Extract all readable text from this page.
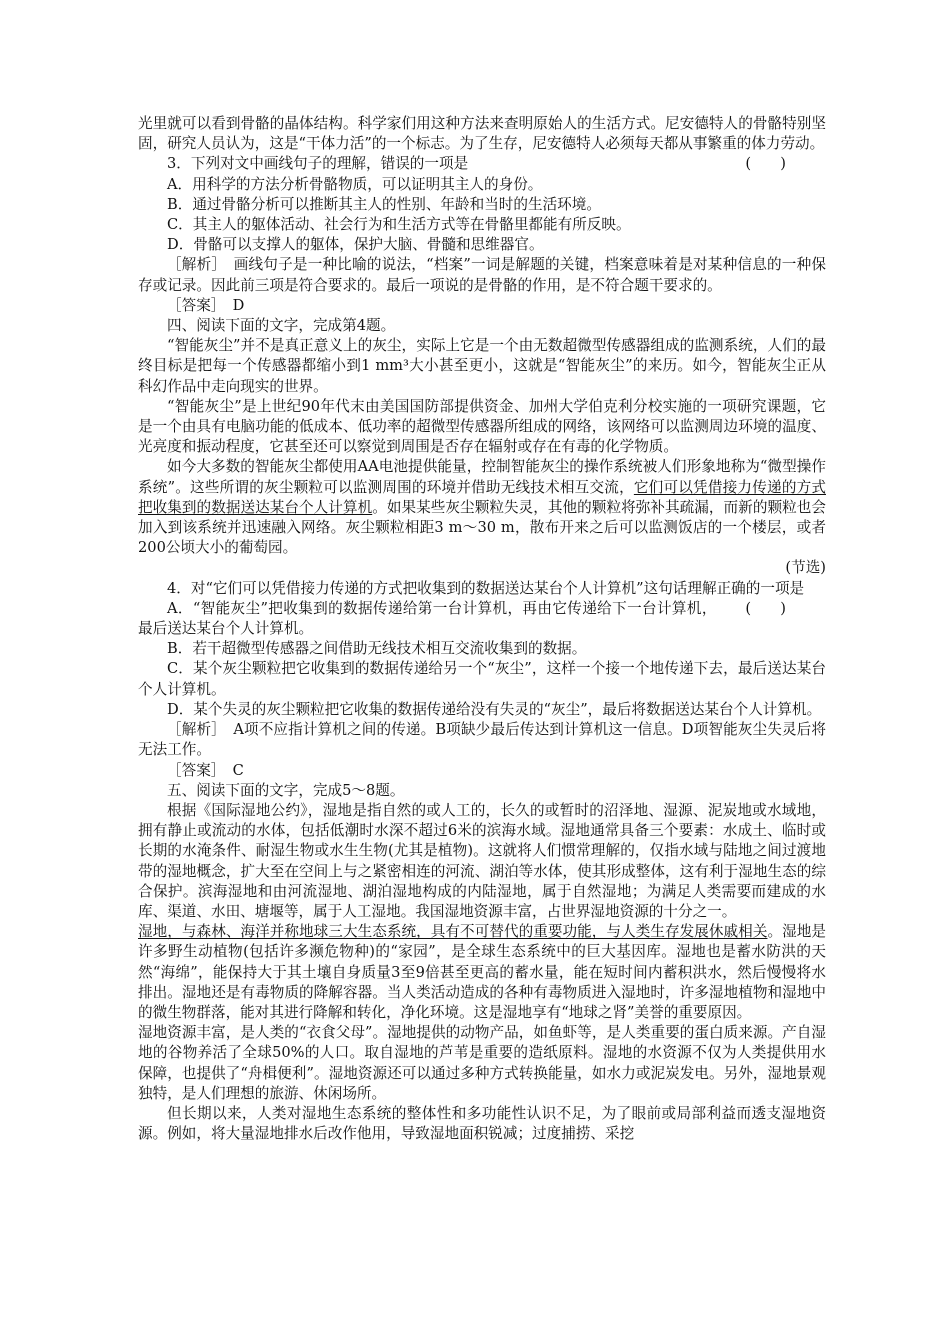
光里就可以看到骨骼的晶体结构。科学家们用这种方法来查明原始人的生活方式。尼安德特人的骨骼特别坚固，研究人员认为，这是“干体力活”的一个标志。为了生存，尼安德特人必须每天都从事繁重的体力劳动。

3．下列对文中画线句子的理解，错误的一项是	(　　)

A．用科学的方法分析骨骼物质，可以证明其主人的身份。

B．通过骨骼分析可以推断其主人的性别、年龄和当时的生活环境。

C．其主人的躯体活动、社会行为和生活方式等在骨骼里都能有所反映。

D．骨骼可以支撑人的躯体，保护大脑、骨髓和思维器官。

［解析］　画线句子是一种比喻的说法，“档案”一词是解题的关键，档案意味着是对某种信息的一种保存或记录。因此前三项是符合要求的。最后一项说的是骨骼的作用，是不符合题干要求的。

［答案］　D

四、阅读下面的文字，完成第4题。

“智能灰尘”并不是真正意义上的灰尘，实际上它是一个由无数超微型传感器组成的监测系统，人们的最终目标是把每一个传感器都缩小到1 mm³大小甚至更小，这就是“智能灰尘”的来历。如今，智能灰尘正从科幻作品中走向现实的世界。

“智能灰尘”是上世纪90年代末由美国国防部提供资金、加州大学伯克利分校实施的一项研究课题，它是一个由具有电脑功能的低成本、低功率的超微型传感器所组成的网络，该网络可以监测周边环境的温度、光亮度和振动程度，它甚至还可以察觉到周围是否存在辐射或存在有毒的化学物质。

如今大多数的智能灰尘都使用AA电池提供能量，控制智能灰尘的操作系统被人们形象地称为“微型操作系统”。这些所谓的灰尘颗粒可以监测周围的环境并借助无线技术相互交流，它们可以凭借接力传递的方式把收集到的数据送达某台个人计算机。如果某些灰尘颗粒失灵，其他的颗粒将弥补其疏漏，而新的颗粒也会加入到该系统并迅速融入网络。灰尘颗粒相距3 m～30 m，散布开来之后可以监测饭店的一个楼层，或者200公顷大小的葡萄园。

(节选)

4．对“它们可以凭借接力传递的方式把收集到的数据送达某台个人计算机”这句话理解正确的一项是
(　　)

A．“智能灰尘”把收集到的数据传递给第一台计算机，再由它传递给下一台计算机，最后送达某台个人计算机。

B．若干超微型传感器之间借助无线技术相互交流收集到的数据。

C．某个灰尘颗粒把它收集到的数据传递给另一个“灰尘”，这样一个接一个地传递下去，最后送达某台个人计算机。

D．某个失灵的灰尘颗粒把它收集的数据传递给没有失灵的“灰尘”，最后将数据送达某台个人计算机。

［解析］　A项不应指计算机之间的传递。B项缺少最后传达到计算机这一信息。D项智能灰尘失灵后将无法工作。

［答案］　C

五、阅读下面的文字，完成5～8题。

根据《国际湿地公约》，湿地是指自然的或人工的，长久的或暂时的沼泽地、湿源、泥炭地或水域地，拥有静止或流动的水体，包括低潮时水深不超过6米的滨海水域。湿地通常具备三个要素：水成土、临时或长期的水淹条件、耐湿生物或水生生物(尤其是植物)。这就将人们惯常理解的，仅指水域与陆地之间过渡地带的湿地概念，扩大至在空间上与之紧密相连的河流、湖泊等水体，使其形成整体，这有利于湿地生态的综合保护。滨海湿地和由河流湿地、湖泊湿地构成的内陆湿地，属于自然湿地；为满足人类需要而建成的水库、渠道、水田、塘堰等，属于人工湿地。我国湿地资源丰富，占世界湿地资源的十分之一。

湿地，与森林、海洋并称地球三大生态系统，具有不可替代的重要功能，与人类生存发展休戚相关。湿地是许多野生动植物(包括许多濒危物种)的“家园”，是全球生态系统中的巨大基因库。湿地也是蓄水防洪的天然“海绵”，能保持大于其土壤自身质量3至9倍甚至更高的蓄水量，能在短时间内蓄积洪水，然后慢慢将水排出。湿地还是有毒物质的降解容器。当人类活动造成的各种有毒物质进入湿地时，许多湿地植物和湿地中的微生物群落，能对其进行降解和转化，净化环境。这是湿地享有“地球之肾”美誉的重要原因。

湿地资源丰富，是人类的“衣食父母”。湿地提供的动物产品，如鱼虾等，是人类重要的蛋白质来源。产自湿地的谷物养活了全球50%的人口。取自湿地的芦苇是重要的造纸原料。湿地的水资源不仅为人类提供用水保障，也提供了“舟楫便利”。湿地资源还可以通过多种方式转换能量，如水力或泥炭发电。另外，湿地景观独特，是人们理想的旅游、休闲场所。

但长期以来，人类对湿地生态系统的整体性和多功能性认识不足，为了眼前或局部利益而透支湿地资源。例如，将大量湿地排水后改作他用，导致湿地面积锐减；过度捕捞、采挖
